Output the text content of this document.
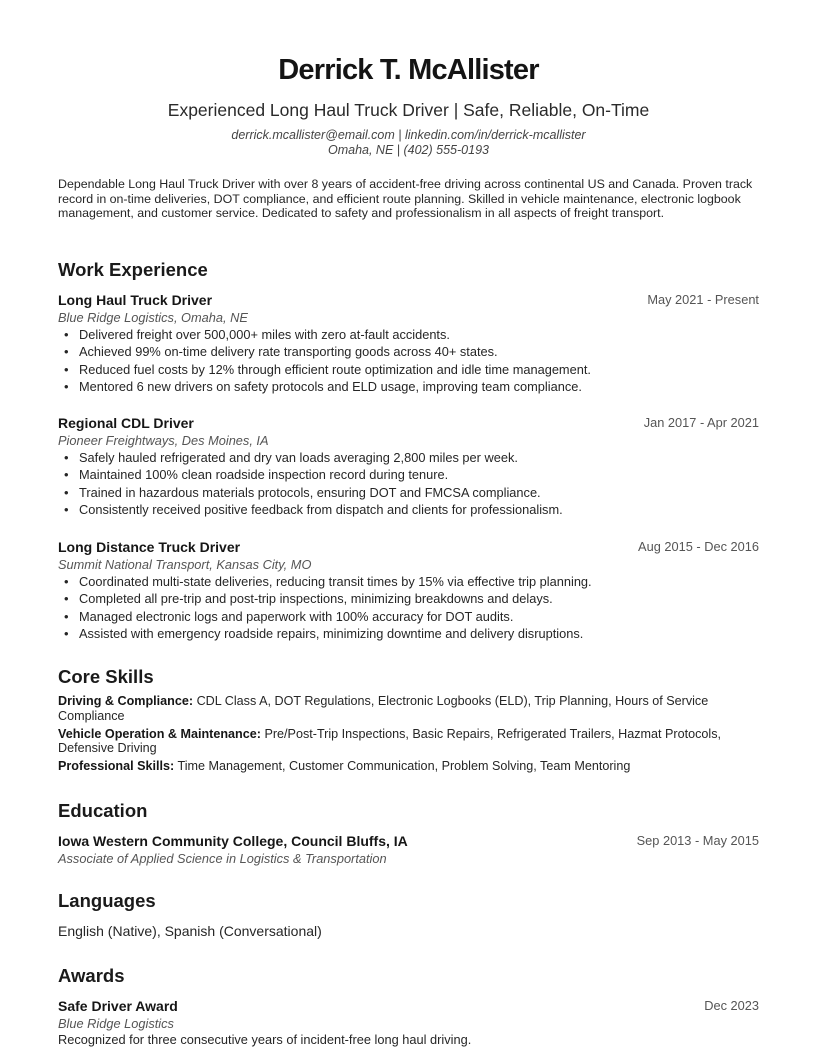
Derrick T. McAllister
Experienced Long Haul Truck Driver | Safe, Reliable, On-Time
derrick.mcallister@email.com | linkedin.com/in/derrick-mcallister
Omaha, NE | (402) 555-0193
Dependable Long Haul Truck Driver with over 8 years of accident-free driving across continental US and Canada. Proven track record in on-time deliveries, DOT compliance, and efficient route planning. Skilled in vehicle maintenance, electronic logbook management, and customer service. Dedicated to safety and professionalism in all aspects of freight transport.
Work Experience
Long Haul Truck Driver	May 2021 - Present
Blue Ridge Logistics, Omaha, NE
• Delivered freight over 500,000+ miles with zero at-fault accidents.
• Achieved 99% on-time delivery rate transporting goods across 40+ states.
• Reduced fuel costs by 12% through efficient route optimization and idle time management.
• Mentored 6 new drivers on safety protocols and ELD usage, improving team compliance.
Regional CDL Driver	Jan 2017 - Apr 2021
Pioneer Freightways, Des Moines, IA
• Safely hauled refrigerated and dry van loads averaging 2,800 miles per week.
• Maintained 100% clean roadside inspection record during tenure.
• Trained in hazardous materials protocols, ensuring DOT and FMCSA compliance.
• Consistently received positive feedback from dispatch and clients for professionalism.
Long Distance Truck Driver	Aug 2015 - Dec 2016
Summit National Transport, Kansas City, MO
• Coordinated multi-state deliveries, reducing transit times by 15% via effective trip planning.
• Completed all pre-trip and post-trip inspections, minimizing breakdowns and delays.
• Managed electronic logs and paperwork with 100% accuracy for DOT audits.
• Assisted with emergency roadside repairs, minimizing downtime and delivery disruptions.
Core Skills
Driving & Compliance: CDL Class A, DOT Regulations, Electronic Logbooks (ELD), Trip Planning, Hours of Service Compliance
Vehicle Operation & Maintenance: Pre/Post-Trip Inspections, Basic Repairs, Refrigerated Trailers, Hazmat Protocols, Defensive Driving
Professional Skills: Time Management, Customer Communication, Problem Solving, Team Mentoring
Education
Iowa Western Community College, Council Bluffs, IA	Sep 2013 - May 2015
Associate of Applied Science in Logistics & Transportation
Languages
English (Native), Spanish (Conversational)
Awards
Safe Driver Award	Dec 2023
Blue Ridge Logistics
Recognized for three consecutive years of incident-free long haul driving.
